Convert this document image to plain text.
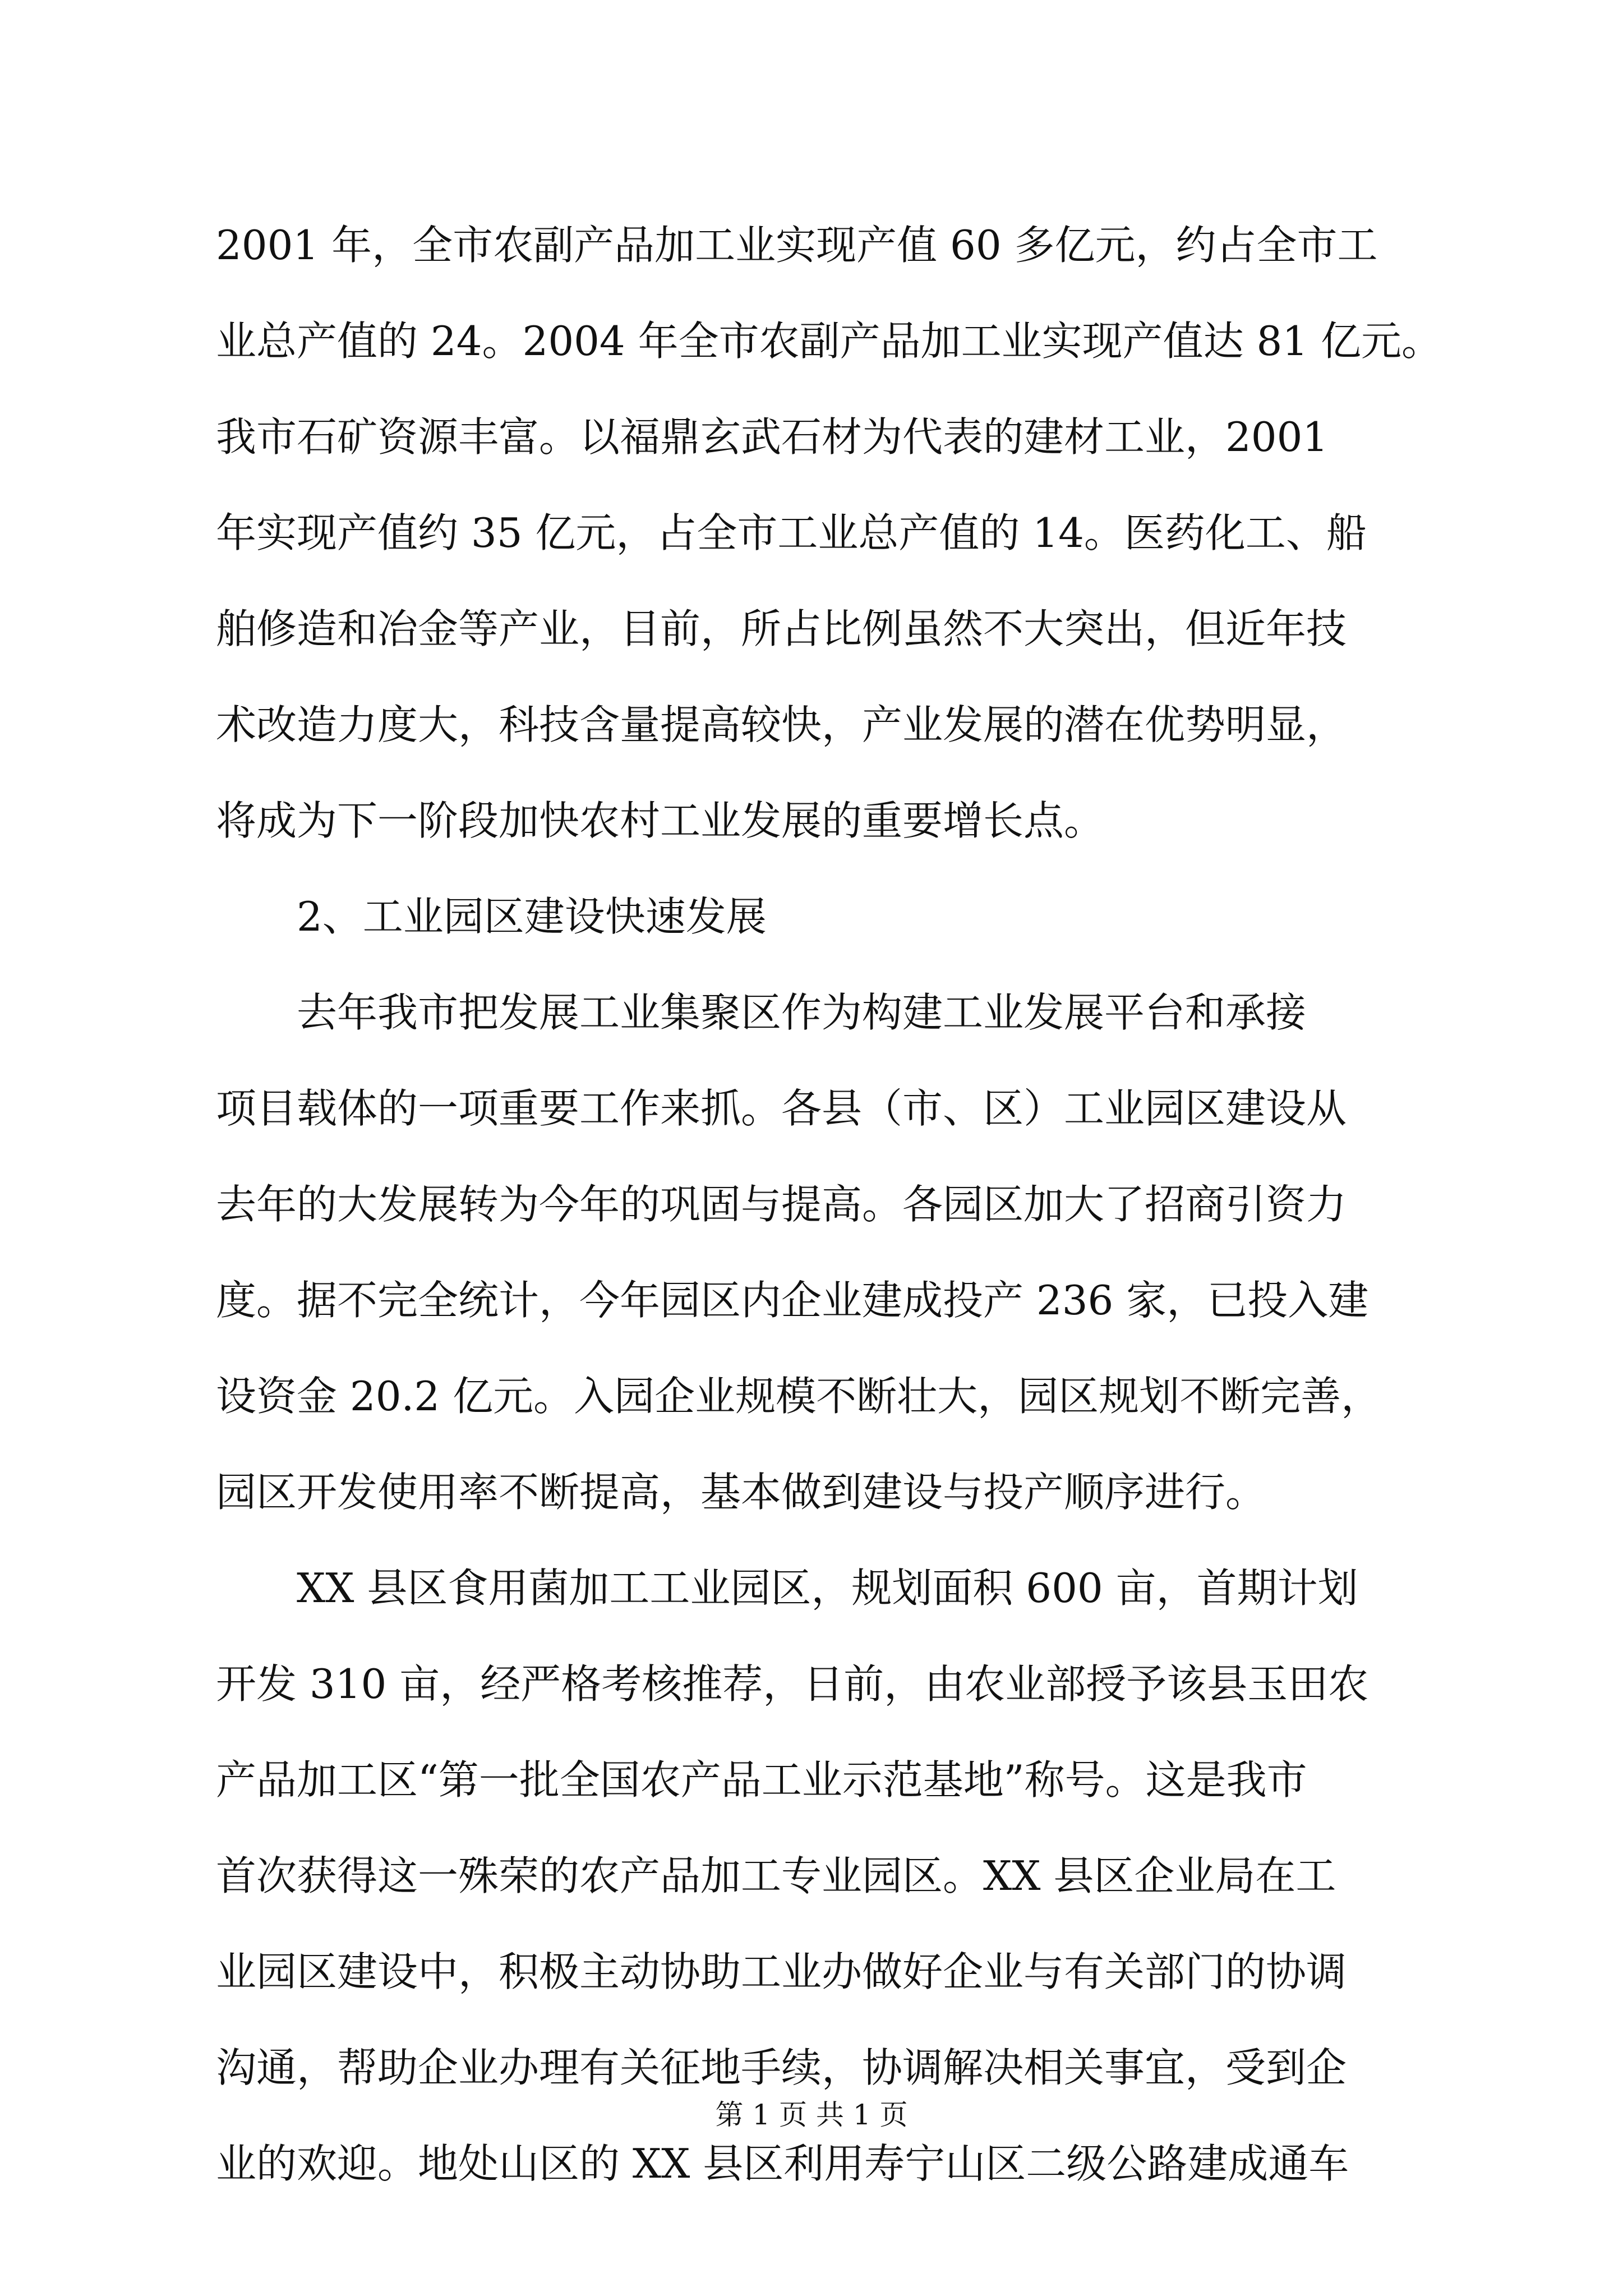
2001 年，全市农副产品加工业实现产值 60 多亿元，约占全市工
业总产值的 24。2004 年全市农副产品加工业实现产值达 81 亿元。
我市石矿资源丰富。以福鼎玄武石材为代表的建材工业，2001
年实现产值约 35 亿元，占全市工业总产值的 14。医药化工、船
舶修造和冶金等产业，目前，所占比例虽然不大突出，但近年技
术改造力度大，科技含量提高较快，产业发展的潜在优势明显，
将成为下一阶段加快农村工业发展的重要增长点。
2、工业园区建设快速发展
去年我市把发展工业集聚区作为构建工业发展平台和承接
项目载体的一项重要工作来抓。各县（市、区）工业园区建设从
去年的大发展转为今年的巩固与提高。各园区加大了招商引资力
度。据不完全统计，今年园区内企业建成投产 236 家，已投入建
设资金 20.2 亿元。入园企业规模不断壮大，园区规划不断完善，
园区开发使用率不断提高，基本做到建设与投产顺序进行。
XX 县区食用菌加工工业园区，规划面积 600 亩，首期计划
开发 310 亩，经严格考核推荐，日前，由农业部授予该县玉田农
产品加工区“第一批全国农产品工业示范基地”称号。这是我市
首次获得这一殊荣的农产品加工专业园区。XX 县区企业局在工
业园区建设中，积极主动协助工业办做好企业与有关部门的协调
沟通，帮助企业办理有关征地手续，协调解决相关事宜，受到企
业的欢迎。地处山区的 XX 县区利用寿宁山区二级公路建成通车
第 1 页 共 1 页
